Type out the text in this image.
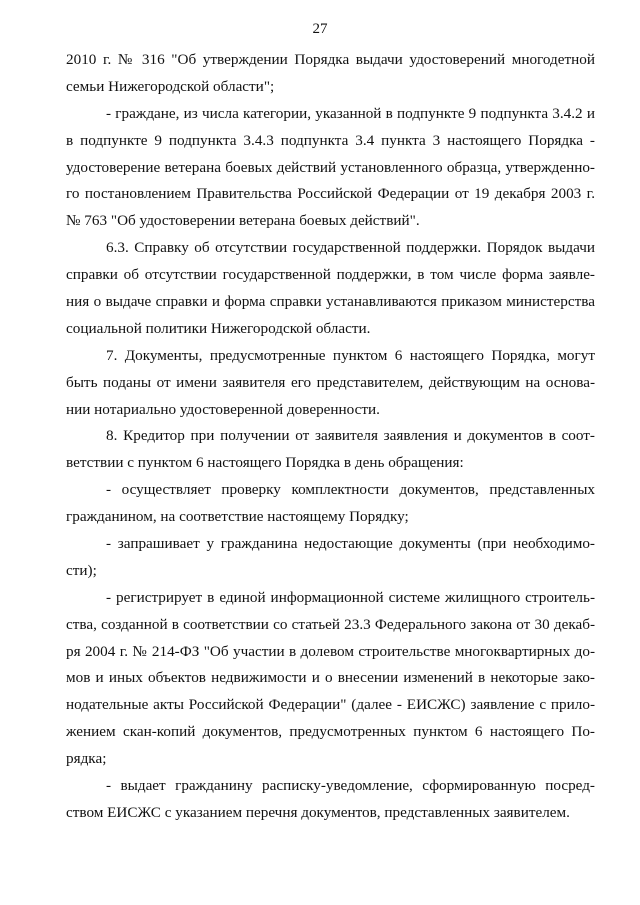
27
2010 г. № 316 "Об утверждении Порядка выдачи удостоверений многодетной
семьи Нижегородской области";
- граждане, из числа категории, указанной в подпункте 9 подпункта 3.4.2 и
в подпункте 9 подпункта 3.4.3 подпункта 3.4 пункта 3 настоящего Порядка -
удостоверение ветерана боевых действий установленного образца, утвержденно-
го постановлением Правительства Российской Федерации от 19 декабря 2003 г.
№ 763 "Об удостоверении ветерана боевых действий".
6.3. Справку об отсутствии государственной поддержки. Порядок выдачи
справки об отсутствии государственной поддержки, в том числе форма заявле-
ния о выдаче справки и форма справки устанавливаются приказом министерства
социальной политики Нижегородской области.
7. Документы, предусмотренные пунктом 6 настоящего Порядка, могут
быть поданы от имени заявителя его представителем, действующим на основа-
нии нотариально удостоверенной доверенности.
8. Кредитор при получении от заявителя заявления и документов в соот-
ветствии с пунктом 6 настоящего Порядка в день обращения:
- осуществляет проверку комплектности документов, представленных
гражданином, на соответствие настоящему Порядку;
- запрашивает у гражданина недостающие документы (при необходимо-
сти);
- регистрирует в единой информационной системе жилищного строитель-
ства, созданной в соответствии со статьей 23.3 Федерального закона от 30 декаб-
ря 2004 г. № 214-ФЗ "Об участии в долевом строительстве многоквартирных до-
мов и иных объектов недвижимости и о внесении изменений в некоторые зако-
нодательные акты Российской Федерации" (далее - ЕИСЖС) заявление с прило-
жением скан-копий документов, предусмотренных пунктом 6 настоящего По-
рядка;
- выдает гражданину расписку-уведомление, сформированную посред-
ством ЕИСЖС с указанием перечня документов, представленных заявителем.
